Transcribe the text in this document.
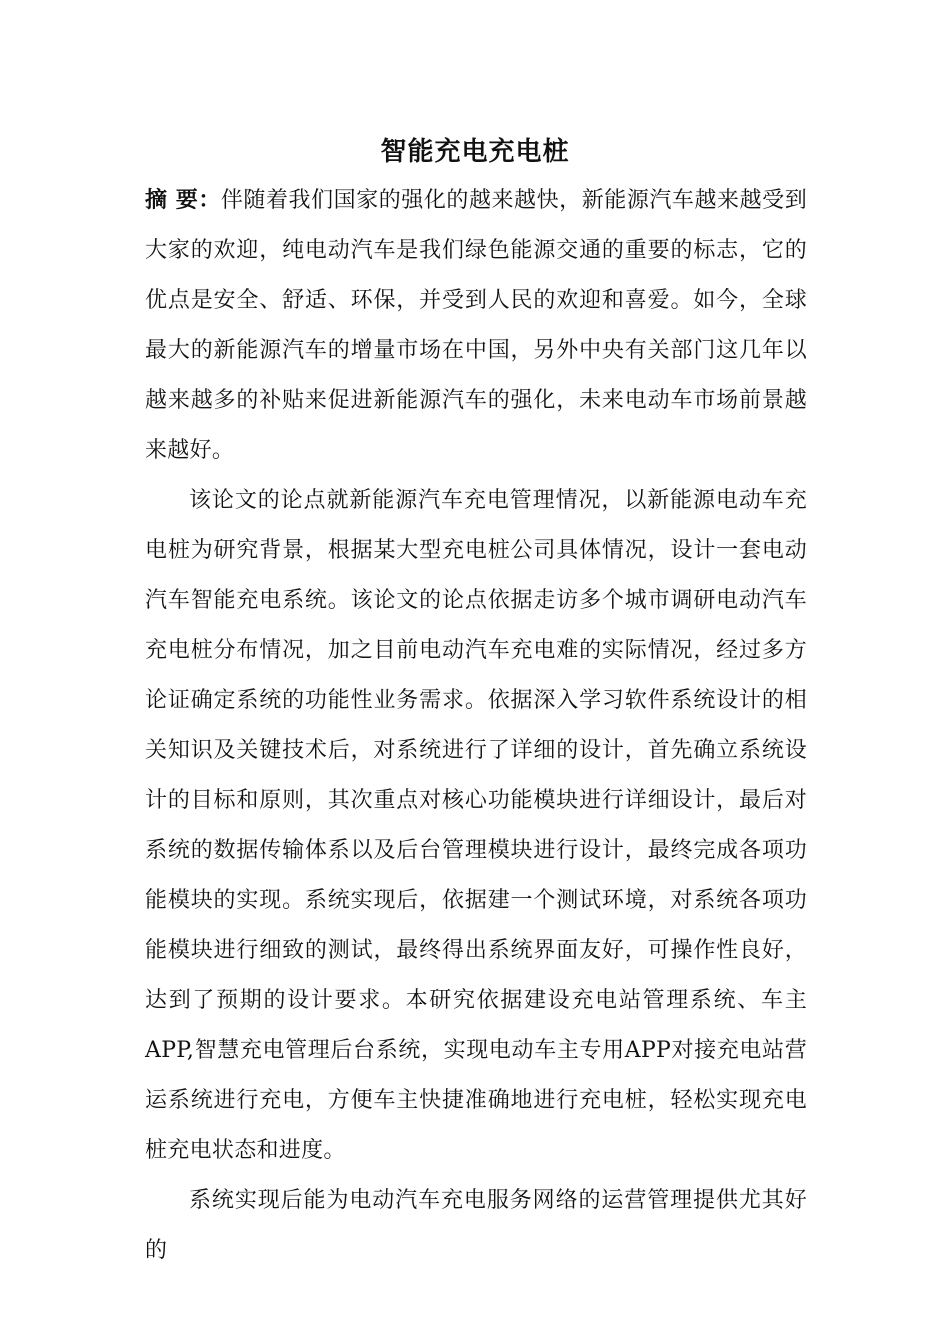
智能充电充电桩

摘 要：伴随着我们国家的强化的越来越快，新能源汽车越来越受到大家的欢迎，纯电动汽车是我们绿色能源交通的重要的标志，它的优点是安全、舒适、环保，并受到人民的欢迎和喜爱。如今，全球最大的新能源汽车的增量市场在中国，另外中央有关部门这几年以越来越多的补贴来促进新能源汽车的强化，未来电动车市场前景越来越好。

该论文的论点就新能源汽车充电管理情况，以新能源电动车充电桩为研究背景，根据某大型充电桩公司具体情况，设计一套电动汽车智能充电系统。该论文的论点依据走访多个城市调研电动汽车充电桩分布情况，加之目前电动汽车充电难的实际情况，经过多方论证确定系统的功能性业务需求。依据深入学习软件系统设计的相关知识及关键技术后，对系统进行了详细的设计，首先确立系统设计的目标和原则，其次重点对核心功能模块进行详细设计，最后对系统的数据传输体系以及后台管理模块进行设计，最终完成各项功能模块的实现。系统实现后，依据建一个测试环境，对系统各项功能模块进行细致的测试，最终得出系统界面友好，可操作性良好，达到了预期的设计要求。本研究依据建设充电站管理系统、车主APP,智慧充电管理后台系统，实现电动车主专用APP对接充电站营运系统进行充电，方便车主快捷准确地进行充电桩，轻松实现充电桩充电状态和进度。

系统实现后能为电动汽车充电服务网络的运营管理提供尤其好的
